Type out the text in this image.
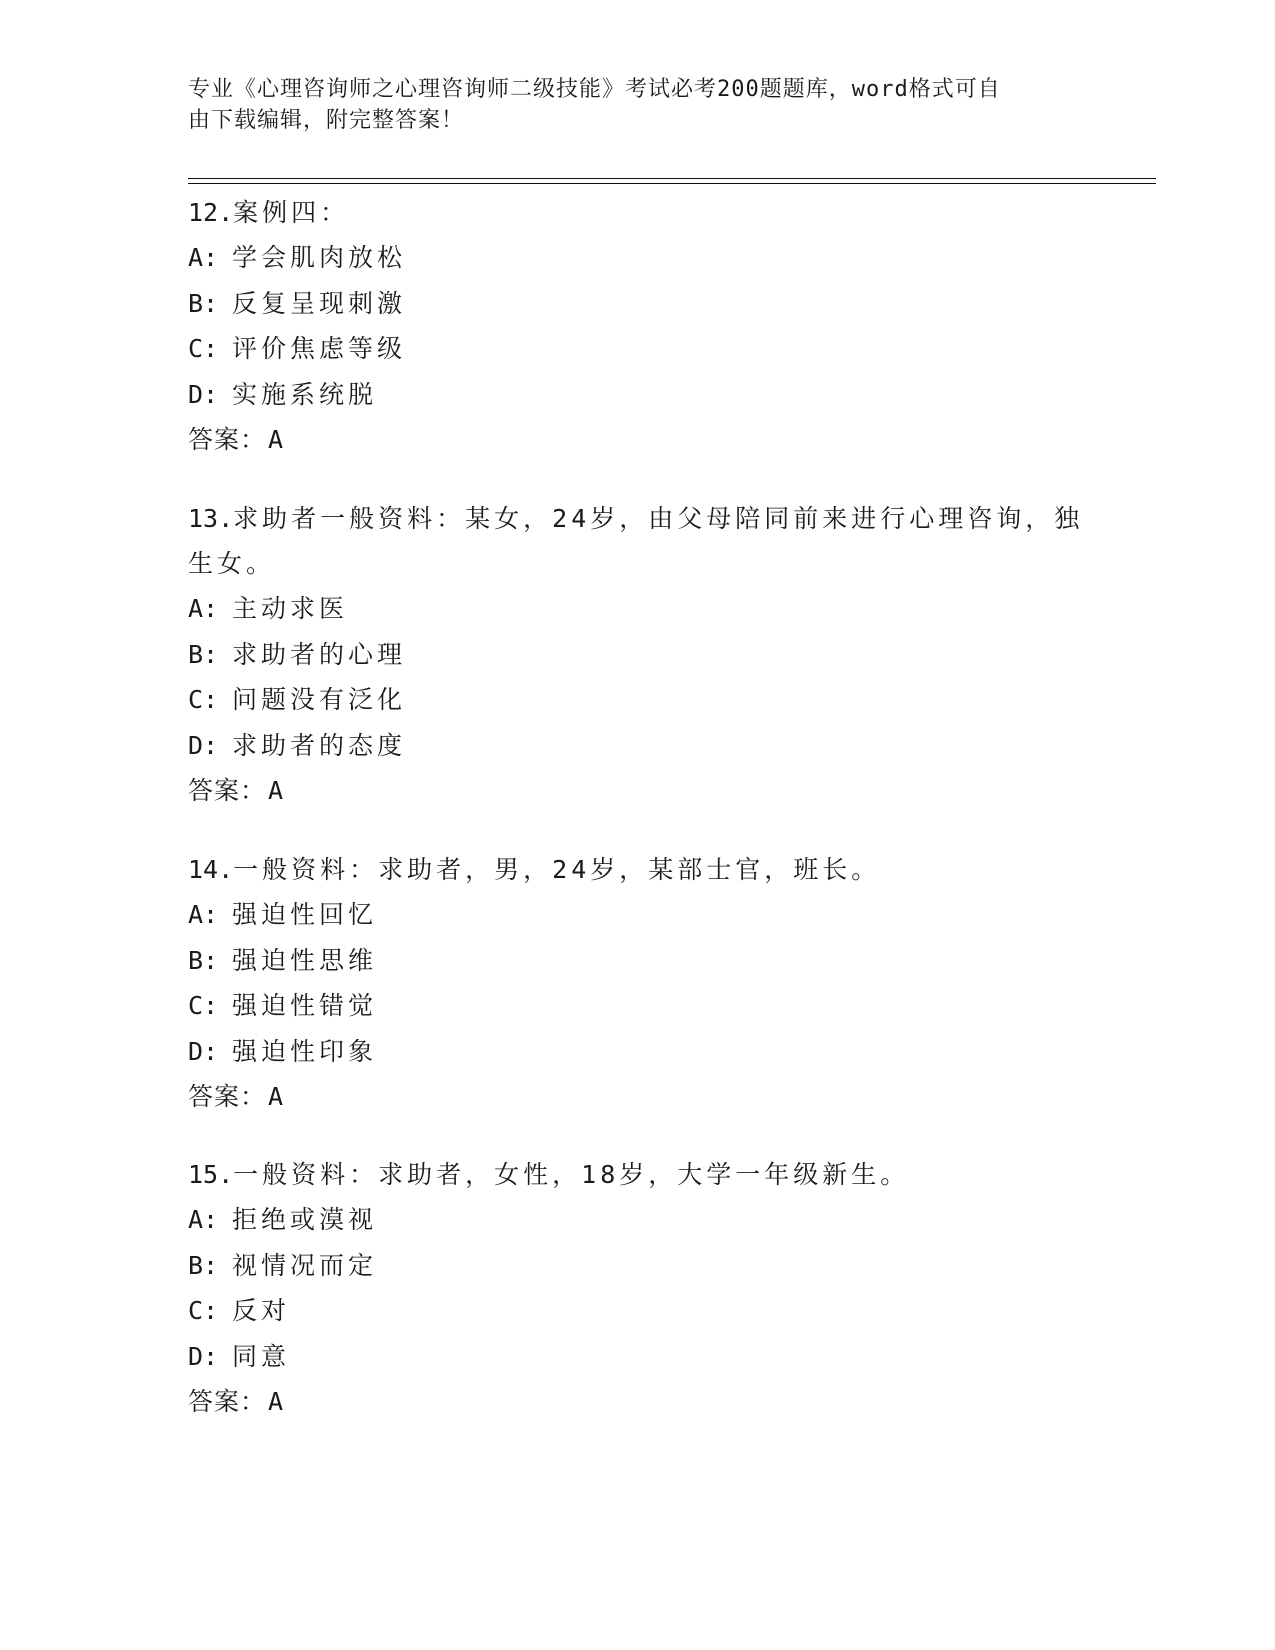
专业《心理咨询师之心理咨询师二级技能》考试必考200题题库，word格式可自
由下载编辑，附完整答案！
12.案例四：
A: 学会肌肉放松
B: 反复呈现刺激
C: 评价焦虑等级
D: 实施系统脱
答案：A
13.求助者一般资料：某女，24岁，由父母陪同前来进行心理咨询，独
生女。
A: 主动求医
B: 求助者的心理
C: 问题没有泛化
D: 求助者的态度
答案：A
14.一般资料：求助者，男，24岁，某部士官，班长。
A: 强迫性回忆
B: 强迫性思维
C: 强迫性错觉
D: 强迫性印象
答案：A
15.一般资料：求助者，女性，18岁，大学一年级新生。
A: 拒绝或漠视
B: 视情况而定
C: 反对
D: 同意
答案：A
